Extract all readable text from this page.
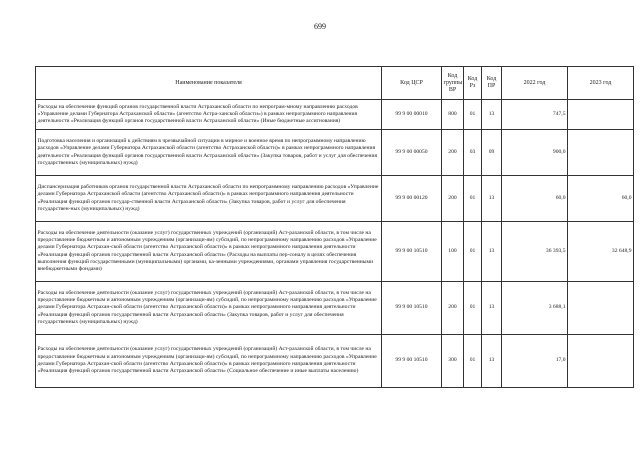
699
Наименование показателя	Код ЦСР	Код группы ВР	Код Рз	Код ПР	2022 год	2023 год
Расходы на обеспечение функций органов государственной власти Астраханской области по непрограм-мному направлению расходов «Управление делами Губернатора Астраханской области» (агентство Астра-ханской области») в рамках непрограммного направления деятельности «Реализация функций органов государственной власти Астраханской области» (Иные бюджетные ассигнования)	99 9 00 00010	800	01	13	747,5	
Подготовка населения и организаций к действиям в чрезвычайной ситуации в мирное и военное время по непрограммному направлению расходов «Управление делами Губернатора Астраханской области (агентство Астраханской области)» в рамках непрограммного направления деятельности «Реализация функций органов государственной власти Астраханской области» (Закупка товаров, работ и услуг для обеспечения государственных (муниципальных) нужд)	99 9 00 00050	200	03	09	900,0	
Диспансеризация работников органов государственной власти Астраханской области по непрограммному направлению расходов «Управление делами Губернатора Астраханской области (агентство Астраханской области)» в рамках непрограммного направления деятельности «Реализация функций органов государ-ственной власти Астраханской области» (Закупка товаров, работ и услуг для обеспечения государствен-ных (муниципальных) нужд)	99 9 00 00120	200	01	13	60,0	60,0
Расходы на обеспечение деятельности (оказание услуг) государственных учреждений (организаций) Аст-раханской области, в том числе на предоставление бюджетным и автономным учреждениям (организаци-ям) субсидий, по непрограммному направлению расходов «Управление делами Губернатора Астрахан-ской области (агентство Астраханской области)» в рамках непрограммного направления деятельности «Реализация функций органов государственной власти Астраханской области» (Расходы на выплаты пер-соналу в целях обеспечения выполнения функций государственными (муниципальными) органами, ка-зенными учреждениями, органами управления государственными внебюджетными фондами)	99 9 00 10510	100	01	13	36 393,5	32 648,9
Расходы на обеспечение деятельности (оказание услуг) государственных учреждений (организаций) Аст-раханской области, в том числе на предоставление бюджетным и автономным учреждениям (организаци-ям) субсидий, по непрограммному направлению расходов «Управление делами Губернатора Астрахан-ской области (агентство Астраханской области)» в рамках непрограммного направления деятельности «Реализация функций органов государственной власти Астраханской области» (Закупка товаров, работ и услуг для обеспечения государственных (муниципальных) нужд)	99 9 00 10510	200	01	13	3 688,1	
Расходы на обеспечение деятельности (оказание услуг) государственных учреждений (организаций) Аст-раханской области, в том числе на предоставление бюджетным и автономным учреждениям (организаци-ям) субсидий, по непрограммному направлению расходов «Управление делами Губернатора Астрахан-ской области (агентство Астраханской области)» в рамках непрограммного направления деятельности «Реализация функций органов государственной власти Астраханской области» (Социальное обеспечение и иные выплаты населению)	99 9 00 10510	300	01	13	17,0	
